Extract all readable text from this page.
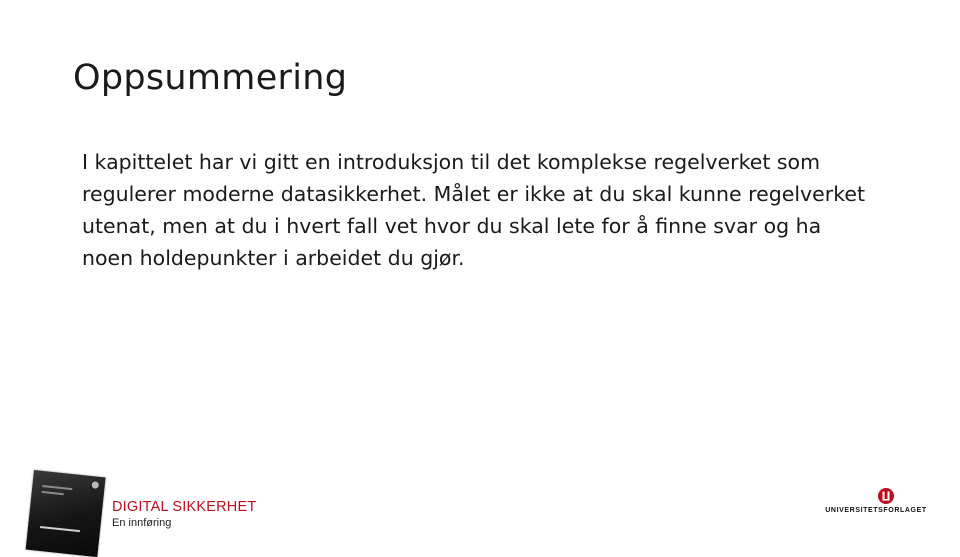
Oppsummering
I kapittelet har vi gitt en introduksjon til det komplekse regelverket som regulerer moderne datasikkerhet. Målet er ikke at du skal kunne regelverket utenat, men at du i hvert fall vet hvor du skal lete for å finne svar og ha noen holdepunkter i arbeidet du gjør.
DIGITAL SIKKERHET
En innføring
UNIVERSITETSFORLAGET
